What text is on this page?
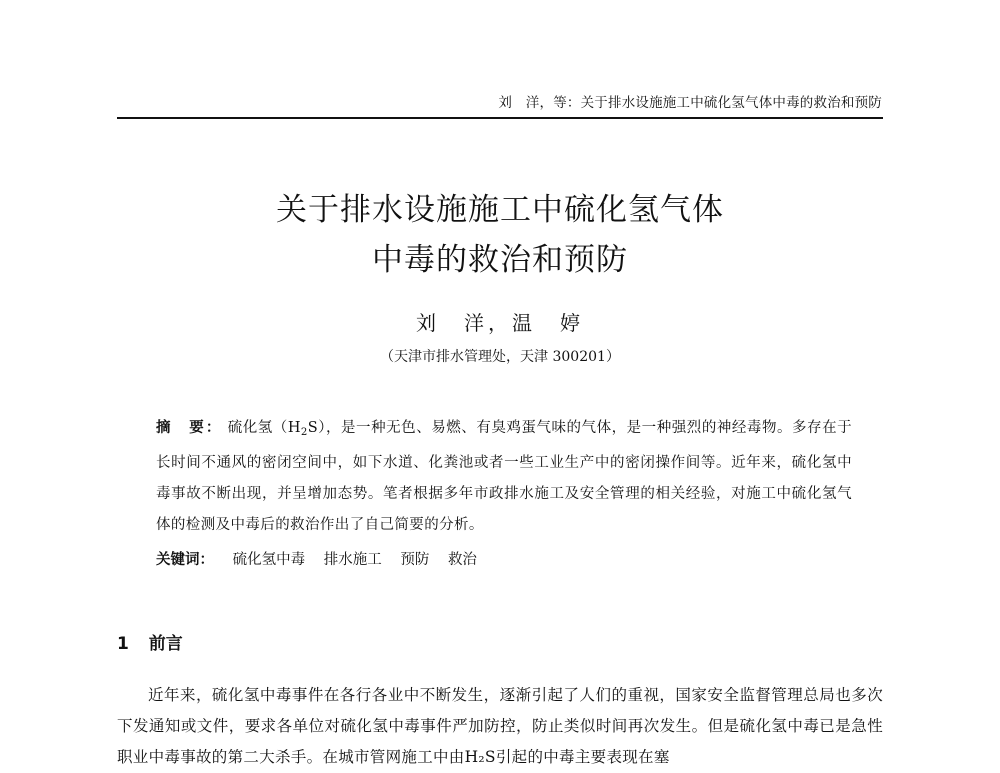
刘　洋，等：关于排水设施施工中硫化氢气体中毒的救治和预防
关于排水设施施工中硫化氢气体
中毒的救治和预防
刘　洋，温　婷
（天津市排水管理处，天津 300201）
摘　要： 硫化氢$(H_2S)$，是一种无色、易燃、有臭鸡蛋气味的气体，是一种强烈的神经毒物。多存在于长时间不通风的密闭空间中，如下水道、化粪池或者一些工业生产中的密闭操作间等。近年来，硫化氢中毒事故不断出现，并呈增加态势。笔者根据多年市政排水施工及安全管理的相关经验，对施工中硫化氢气体的检测及中毒后的救治作出了自己简要的分析。
关键词： 硫化氢中毒 排水施工 预防 救治
1 前言
近年来，硫化氢中毒事件在各行各业中不断发生，逐渐引起了人们的重视，国家安全监督管理总局也多次下发通知或文件，要求各单位对硫化氢中毒事件严加防控，防止类似时间再次发生。但是硫化氢中毒已是急性职业中毒事故的第二大杀手。在城市管网施工中由H₂S引起的中毒主要表现在塞
